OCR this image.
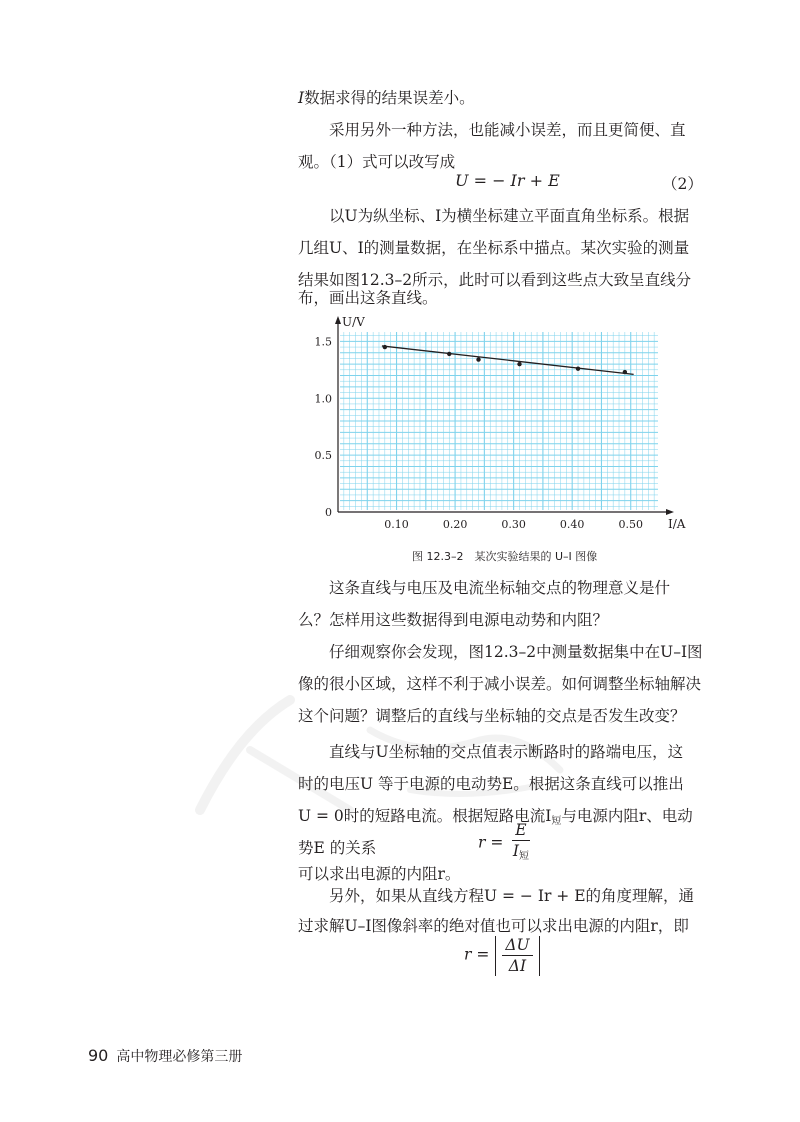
I数据求得的结果误差小。

采用另外一种方法，也能减小误差，而且更简便、直

观。（1）式可以改写成

U = − Ir + E	（2）

以U为纵坐标、I为横坐标建立平面直角坐标系。根据

几组U、I的测量数据，在坐标系中描点。某次实验的测量

结果如图12.3–2所示，此时可以看到这些点大致呈直线分

布，画出这条直线。

0.10	0.20	0.30	0.40	0.50
0
0.5
1.0
1.5
I/A
U/V
图 12.3–2　某次实验结果的 U–I 图像

这条直线与电压及电流坐标轴交点的物理意义是什

么？怎样用这些数据得到电源电动势和内阻？

仔细观察你会发现，图12.3–2中测量数据集中在U–I图

像的很小区域，这样不利于减小误差。如何调整坐标轴解决

这个问题？调整后的直线与坐标轴的交点是否发生改变？

直线与U坐标轴的交点值表示断路时的路端电压，这

时的电压U 等于电源的电动势E。根据这条直线可以推出

U = 0时的短路电流。根据短路电流$I_短$与电源内阻r、电动

势E 的关系	$r = \frac{E}{I_短}$

可以求出电源的内阻r。

另外，如果从直线方程U = − Ir + E的角度理解，通

过求解U–I图像斜率的绝对值也可以求出电源的内阻r，即

$r = \frac{\Delta U}{\Delta I}$
90 高中物理必修第三册
